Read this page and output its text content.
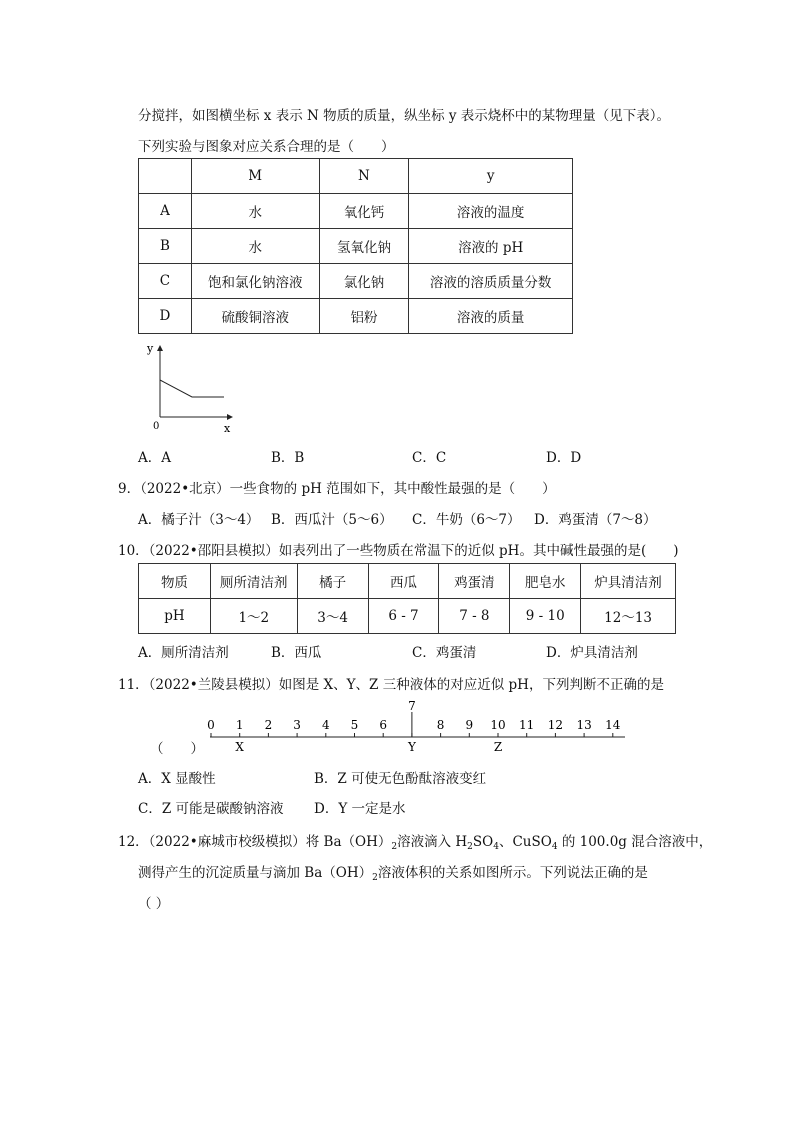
分搅拌，如图横坐标 x 表示 N 物质的质量，纵坐标 y 表示烧杯中的某物理量（见下表）。
下列实验与图象对应关系合理的是（　　）
	M	N	y
A	水	氧化钙	溶液的温度
B	水	氢氧化钠	溶液的 pH
C	饱和氯化钠溶液	氯化钠	溶液的溶质质量分数
D	硫酸铜溶液	铝粉	溶液的质量
y
x
0
A．A	B．B	C．C	D．D
9．（2022•北京）一些食物的 pH 范围如下，其中酸性最强的是（　　）
A．橘子汁（3～4） B．西瓜汁（5～6） C．牛奶（6～7） D．鸡蛋清（7～8）
10．（2022•邵阳县模拟）如表列出了一些物质在常温下的近似 pH。其中碱性最强的是(　　)
物质	厕所清洁剂	橘子	西瓜	鸡蛋清	肥皂水	炉具清洁剂
pH	1～2	3～4	6 - 7	7 - 8	9 - 10	12～13
A．厕所清洁剂	B．西瓜	C．鸡蛋清	D．炉具清洁剂
11．（2022•兰陵县模拟）如图是 X、Y、Z 三种液体的对应近似 pH，下列判断不正确的是
（　　）
0 1 2 3 4 5 6
7
8 9 10 11 12 13 14
X	Y	Z
A．X 显酸性	B．Z 可使无色酚酞溶液变红
C．Z 可能是碳酸钠溶液 D．Y 一定是水
12．（2022•麻城市校级模拟）将 $Ba(OH)_2$溶液滴入 $H_2SO_4$、CuSO$_4$ 的 100.0g 混合溶液中，
测得产生的沉淀质量与滴加 $Ba(OH)_2$溶液体积的关系如图所示。下列说法正确的是
（ ）
